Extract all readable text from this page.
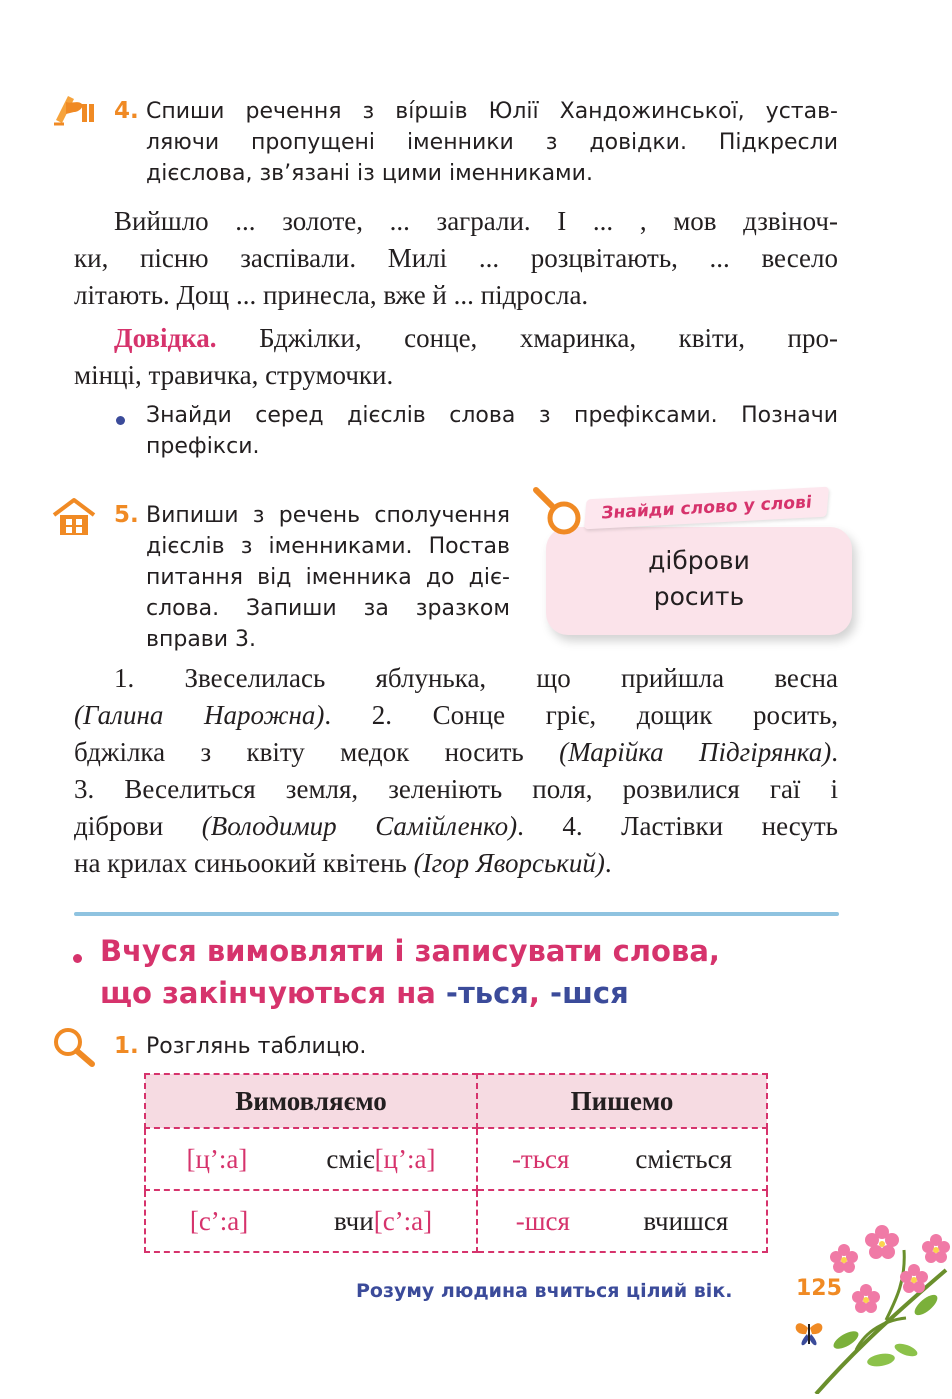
4. Спиши речення з ві́ршів Юлії Хандожинської, устав-
ляючи пропущені іменники з довідки. Підкресли
дієслова, зв’язані із цими іменниками.
Вийшло ... золоте, ... заграли. І ... , мов дзвіноч-
ки, пісню заспівали. Милі ... розцвітають, ... весело
літають. Дощ ... принесла, вже й ... підросла.
Довідка. Бджілки, сонце, хмаринка, квіти, про-
мінці, травичка, струмочки.
Знайди серед дієслів слова з префіксами. Позначи
префікси.
5. Випиши з речень сполучення
дієслів з іменниками. Постав
питання від іменника до діє-
слова. Запиши за зразком
вправи 3.
діброви
росить
Знайди слово у слові
1. Звеселилась яблунька, що прийшла весна
(Галина Нарожна). 2. Сонце гріє, дощик росить,
бджілка з квіту медок носить (Марійка Підгірянка).
3. Веселиться земля, зеленіють поля, розвилися гаї і
діброви (Володимир Самійленко). 4. Ластівки несуть
на крилах синьоокий квітень (Ігор Яворський).
Вчуся вимовляти і записувати слова,
що закінчуються на -ться, -шся
1. Розглянь таблицю.
Вимовляємо	Пишемо

[ц’:а] сміє[ц’:а]	-ться сміється

[с’:а] вчи[с’:а]	-шся вчишся
Розуму людина вчиться цілий вік.	125
